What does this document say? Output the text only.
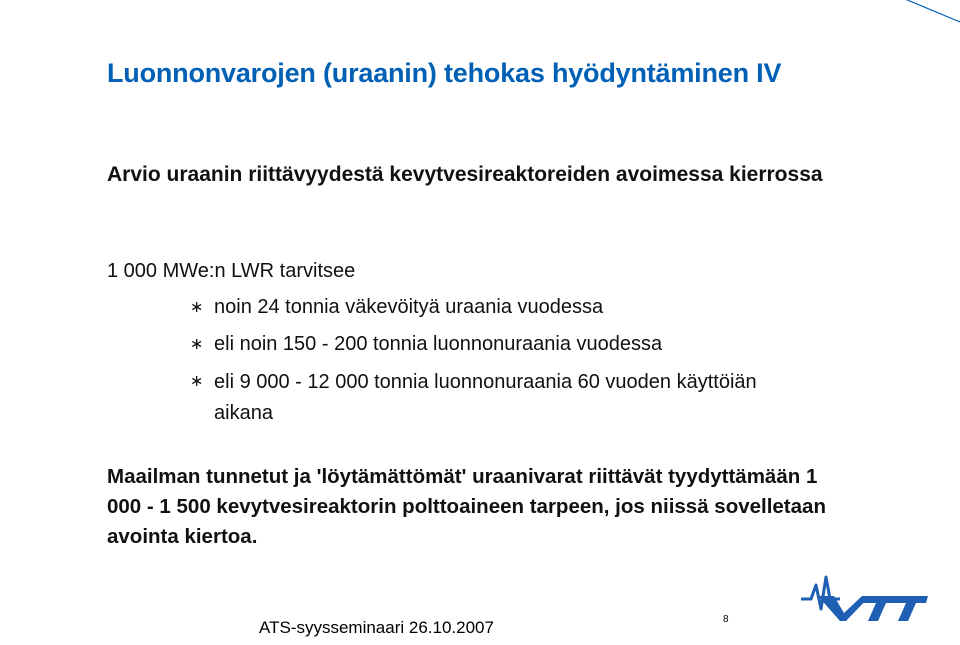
Luonnonvarojen (uraanin) tehokas hyödyntäminen IV
Arvio uraanin riittävyydestä kevytvesireaktoreiden avoimessa kierrossa
1 000 MWe:n LWR tarvitsee
∗ noin 24 tonnia väkevöityä uraania vuodessa
∗ eli noin 150 - 200 tonnia luonnonuraania vuodessa
∗ eli 9 000 - 12 000 tonnia luonnonuraania 60 vuoden käyttöiän aikana
Maailman tunnetut ja 'löytämättömät' uraanivarat riittävät tyydyttämään 1 000 - 1 500 kevytvesireaktorin polttoaineen tarpeen, jos niissä sovelletaan avointa kiertoa.
ATS-syysseminaari 26.10.2007	8
